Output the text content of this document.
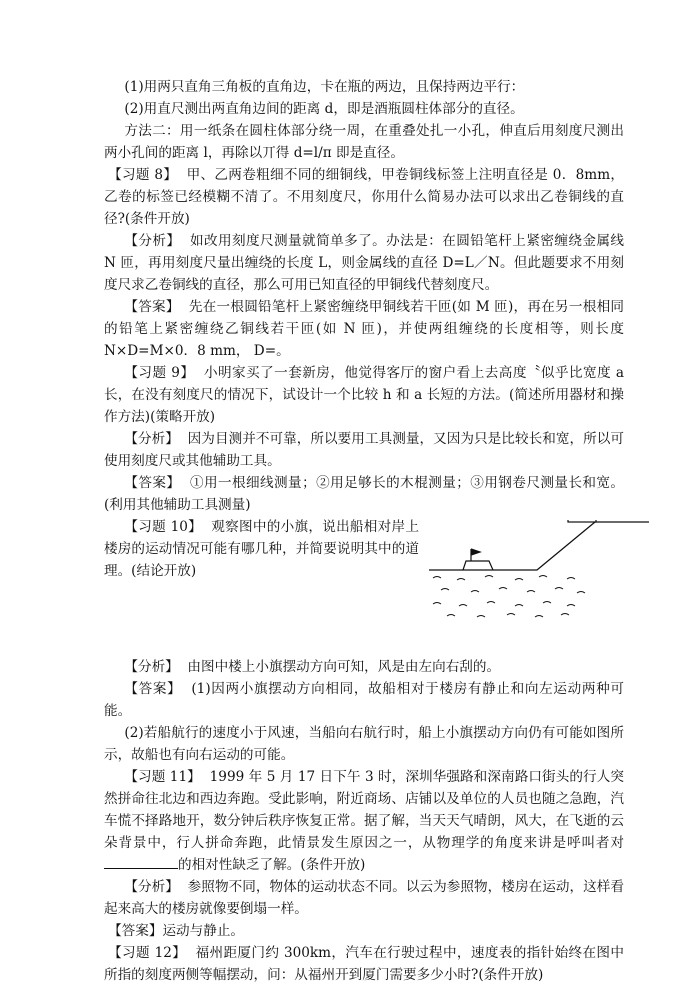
(1)用两只直角三角板的直角边，卡在瓶的两边，且保持两边平行：

(2)用直尺测出两直角边间的距离 d，即是酒瓶圆柱体部分的直径。

方法二：用一纸条在圆柱体部分绕一周，在重叠处扎一小孔，伸直后用刻度尺测出两小孔间的距离 l，再除以丌得 d=l/π 即是直径。

【习题 8】 甲、乙两卷粗细不同的细铜线，甲卷铜线标签上注明直径是 0．8mm，乙卷的标签已经模糊不清了。不用刻度尺，你用什么简易办法可以求出乙卷铜线的直径?(条件开放)

【分析】 如改用刻度尺测量就简单多了。办法是：在圆铅笔杆上紧密缠绕金属线 N 匝，再用刻度尺量出缠绕的长度 L，则金属线的直径 D=L／N。但此题要求不用刻度尺求乙卷铜线的直径，那么可用已知直径的甲铜线代替刻度尺。

【答案】 先在一根圆铅笔杆上紧密缠绕甲铜线若干匝(如 M 匝)，再在另一根相同的铅笔上紧密缠绕乙铜线若干匝(如 N 匝)，并使两组缠绕的长度相等，则长度 N×D=M×0．8 mm， D=。

【习题 9】 小明家买了一套新房，他觉得客厅的窗户看上去高度〝似乎比宽度 a 长，在没有刻度尺的情况下，试设计一个比较 h 和 a 长短的方法。(简述所用器材和操作方法)(策略开放)

【分析】 因为目测并不可靠，所以要用工具测量，又因为只是比较长和宽，所以可使用刻度尺或其他辅助工具。

【答案】 ①用一根细线测量；②用足够长的木棍测量；③用钢卷尺测量长和宽。(利用其他辅助工具测量)

【习题 10】 观察图中的小旗，说出船相对岸上楼房的运动情况可能有哪几种，并简要说明其中的道理。(结论开放)

【分析】 由图中楼上小旗摆动方向可知，风是由左向右刮的。

【答案】 (1)因两小旗摆动方向相同，故船相对于楼房有静止和向左运动两种可能。

(2)若船航行的速度小于风速，当船向右航行时，船上小旗摆动方向仍有可能如图所示，故船也有向右运动的可能。

【习题 11】 1999 年 5 月 17 日下午 3 时，深圳华强路和深南路口街头的行人突然拼命往北边和西边奔跑。受此影响，附近商场、店铺以及单位的人员也随之急跑，汽车慌不择路地开，数分钟后秩序恢复正常。据了解，当天天气晴朗，风大，在飞逝的云朵背景中，行人拼命奔跑，此情景发生原因之一，从物理学的角度来讲是呼叫者对的相对性缺乏了解。(条件开放)

【分析】 参照物不同，物体的运动状态不同。以云为参照物，楼房在运动，这样看起来高大的楼房就像要倒塌一样。

【答案】运动与静止。

【习题 12】 福州距厦门约 300km，汽车在行驶过程中，速度表的指针始终在图中所指的刻度两侧等幅摆动，问：从福州开到厦门需要多少小时?(条件开放)
